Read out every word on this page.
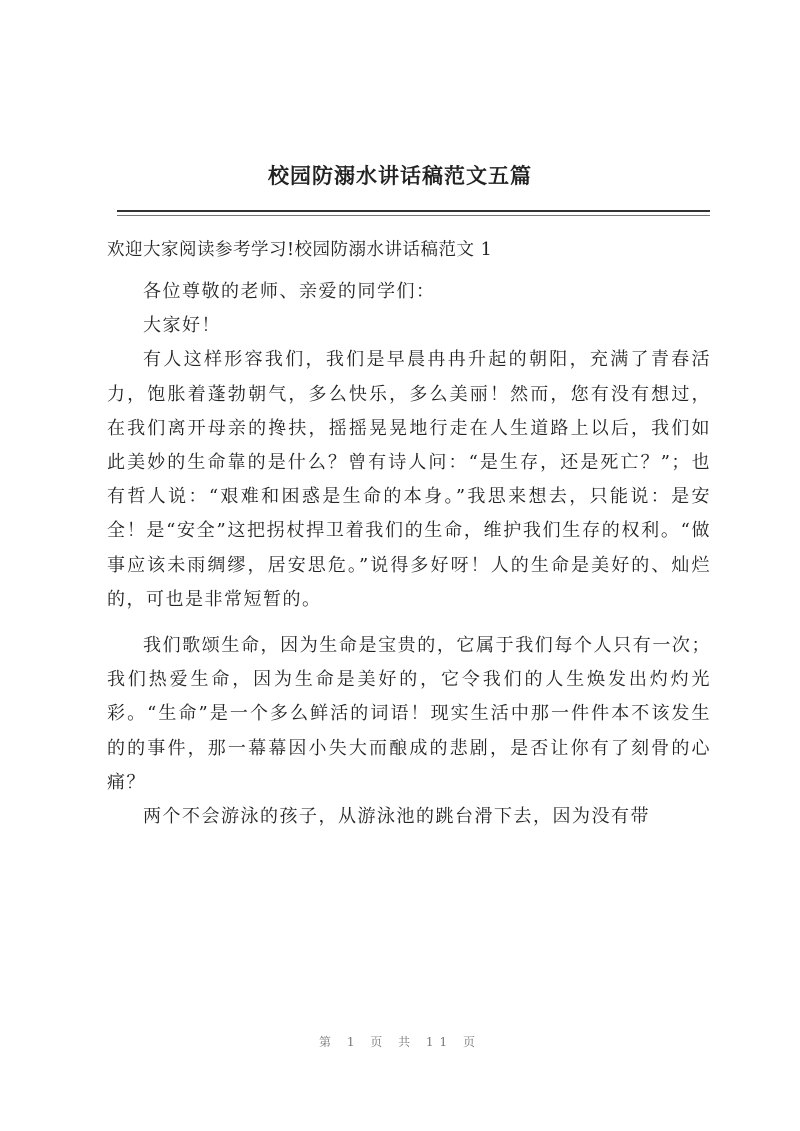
校园防溺水讲话稿范文五篇
欢迎大家阅读参考学习!校园防溺水讲话稿范文 1

各位尊敬的老师、亲爱的同学们：

大家好！

有人这样形容我们，我们是早晨冉冉升起的朝阳，充满了青春活力，饱胀着蓬勃朝气，多么快乐，多么美丽！然而，您有没有想过，在我们离开母亲的搀扶，摇摇晃晃地行走在人生道路上以后，我们如此美妙的生命靠的是什么？曾有诗人问：“是生存，还是死亡？”；也有哲人说：“艰难和困惑是生命的本身。”我思来想去，只能说：是安全！是“安全”这把拐杖捍卫着我们的生命，维护我们生存的权利。“做事应该未雨绸缪，居安思危。”说得多好呀！人的生命是美好的、灿烂的，可也是非常短暂的。

我们歌颂生命，因为生命是宝贵的，它属于我们每个人只有一次；我们热爱生命，因为生命是美好的，它令我们的人生焕发出灼灼光彩。“生命”是一个多么鲜活的词语！现实生活中那一件件本不该发生的的事件，那一幕幕因小失大而酿成的悲剧，是否让你有了刻骨的心痛？

两个不会游泳的孩子，从游泳池的跳台滑下去，因为没有带

第 1 页 共 11 页
